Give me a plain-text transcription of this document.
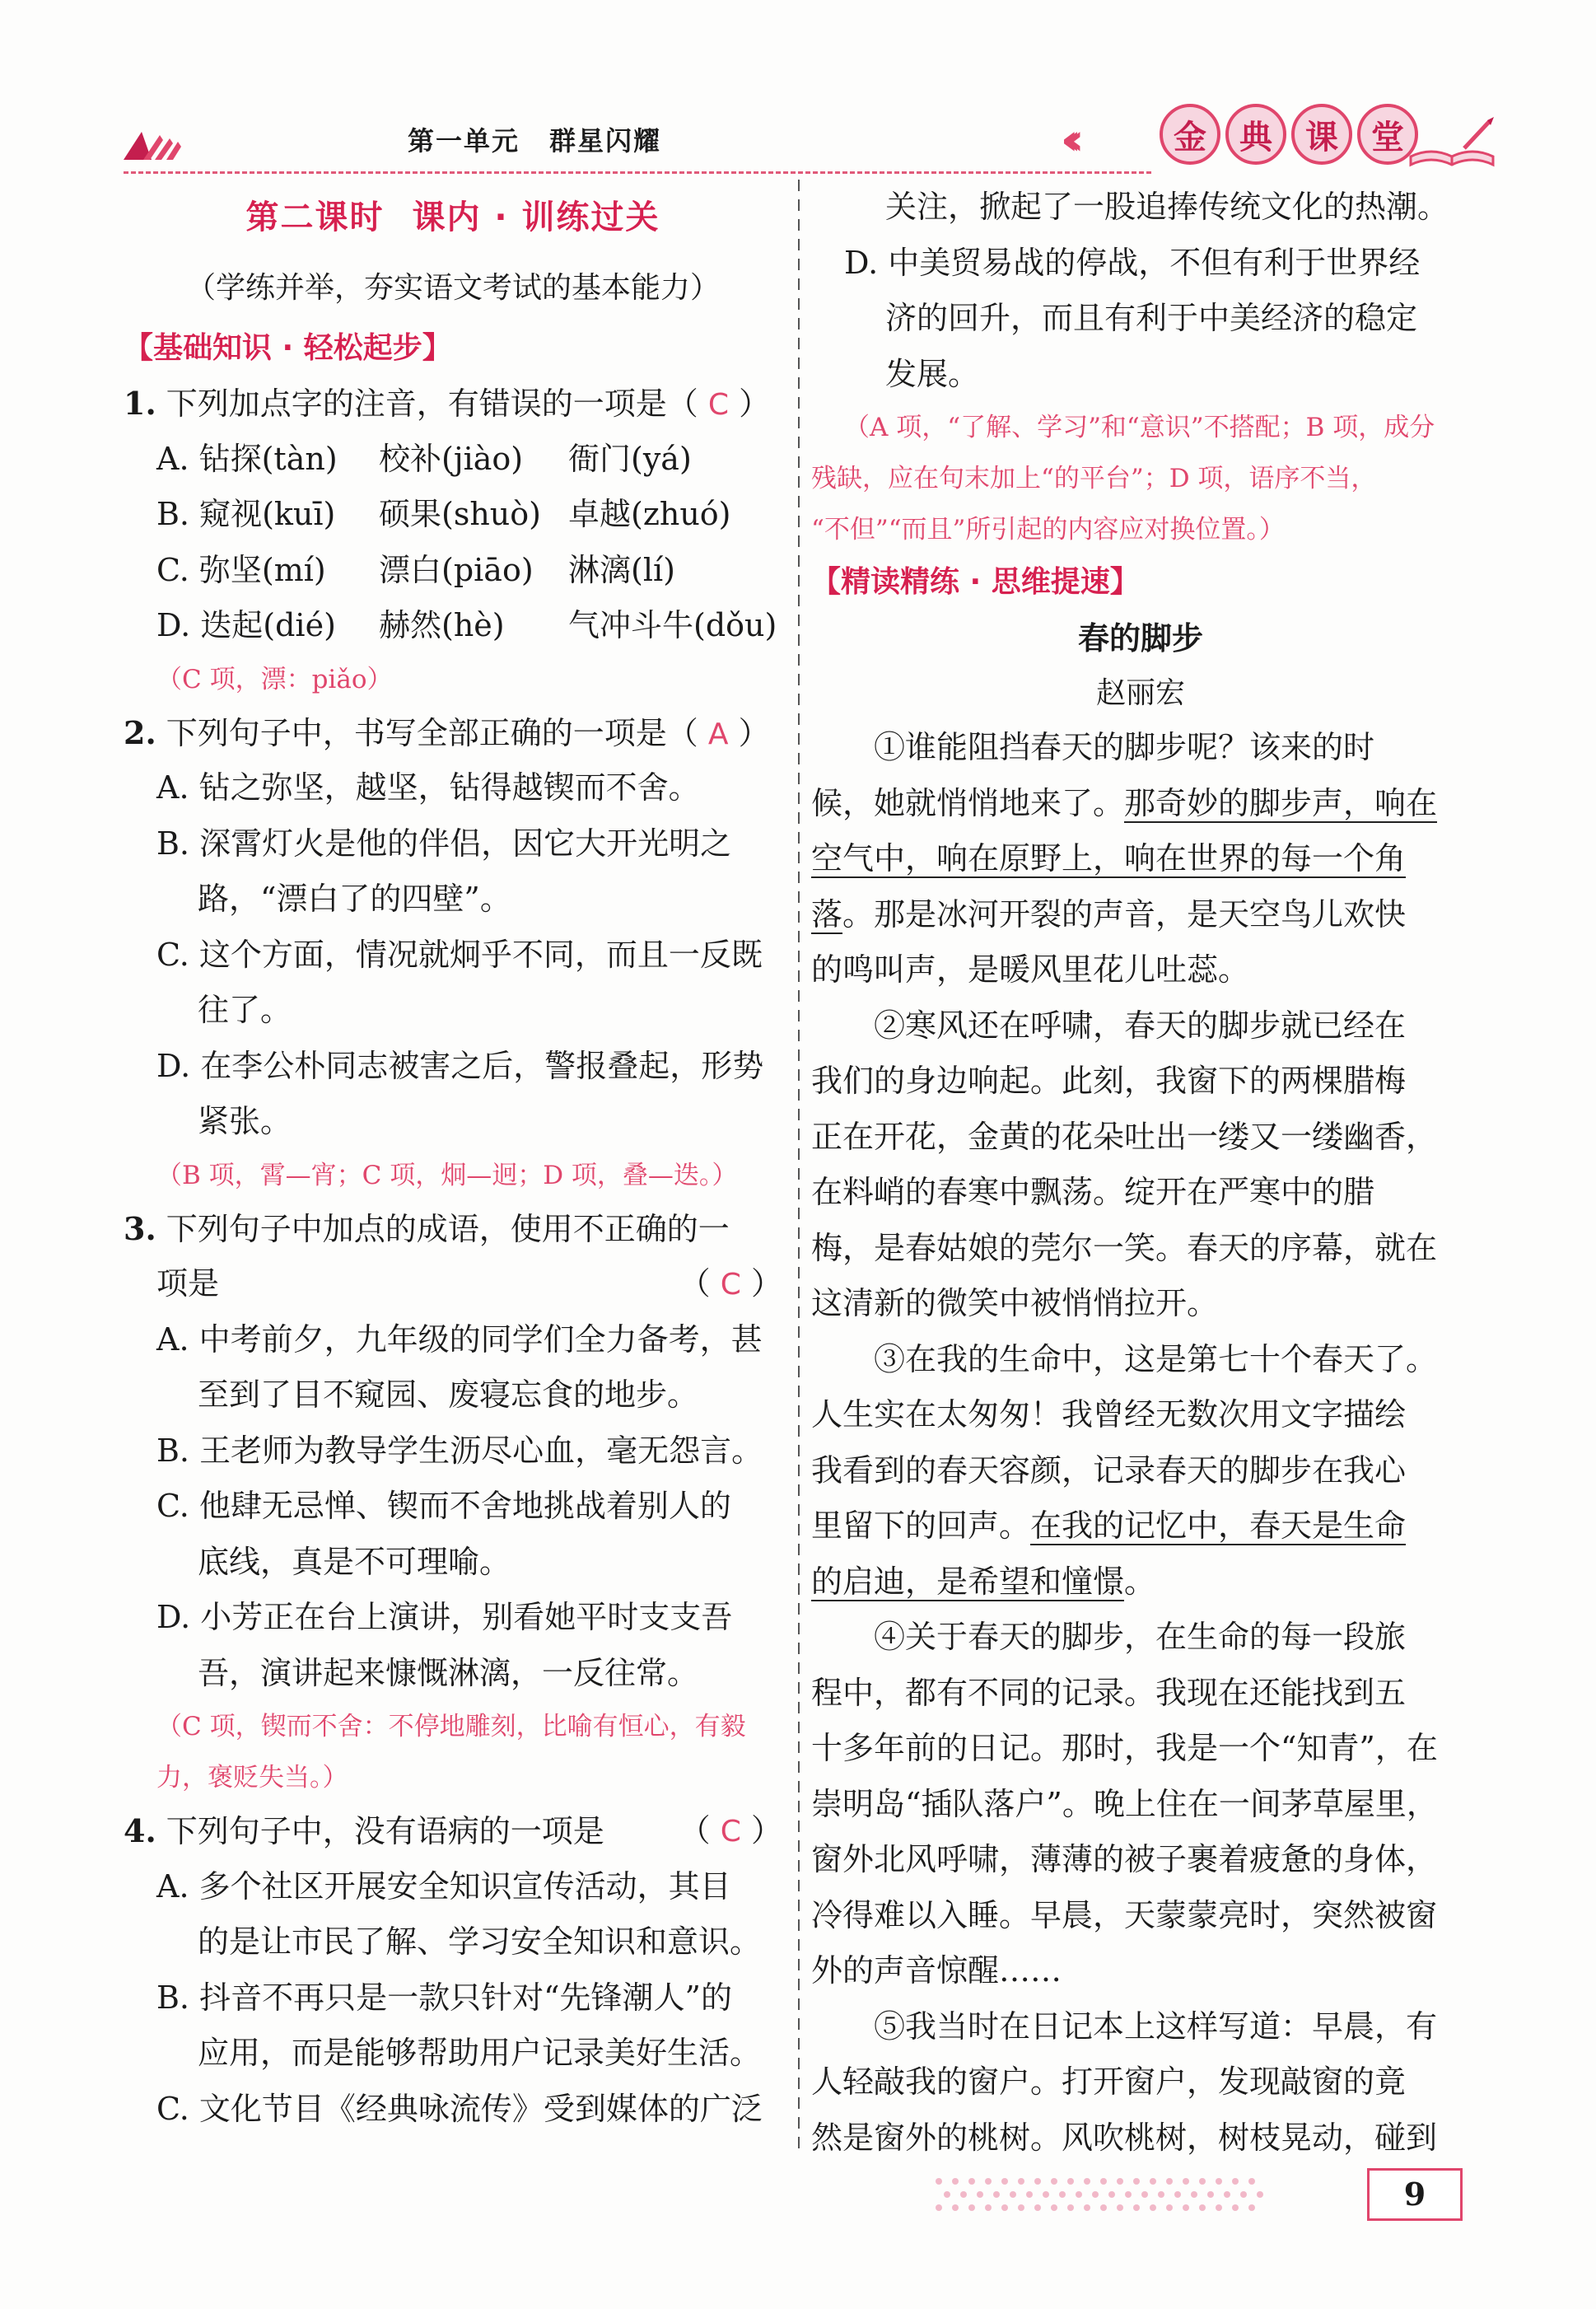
第一单元 群星闪耀	‹‹‹	金	典	课	堂
第二课时 课内 · 训练过关
（学练并举，夯实语文考试的基本能力）
【基础知识 · 轻松起步】
1. 下列加点字的注音，有错误的一项是（ C ）
A. 钻探(tàn)	校补(jiào)	衙门(yá)
B. 窥视(kuī)	硕果(shuò) 卓越(zhuó)
C. 弥坚(mí)	漂白(piāo)	淋漓(lí)
D. 迭起(dié)	赫然(hè)	气冲斗牛(dǒu)
（C 项，漂：piǎo）
2. 下列句子中，书写全部正确的一项是（ A ）
A. 钻之弥坚，越坚，钻得越锲而不舍。
B. 深霄灯火是他的伴侣，因它大开光明之
路，“漂白了的四壁”。
C. 这个方面，情况就炯乎不同，而且一反既
往了。
D. 在李公朴同志被害之后，警报叠起，形势
紧张。
（B 项，霄—宵；C 项，炯—迥；D 项，叠—迭。）
3. 下列句子中加点的成语，使用不正确的一
项是	（ C ）
A. 中考前夕，九年级的同学们全力备考，甚
至到了目不窥园、废寝忘食的地步。
B. 王老师为教导学生沥尽心血，毫无怨言。
C. 他肆无忌惮、锲而不舍地挑战着别人的
底线，真是不可理喻。
D. 小芳正在台上演讲，别看她平时支支吾
吾，演讲起来慷慨淋漓，一反往常。
（C 项，锲而不舍：不停地雕刻，比喻有恒心，有毅
力，褒贬失当。）
4. 下列句子中，没有语病的一项是 （ C ）
A. 多个社区开展安全知识宣传活动，其目
的是让市民了解、学习安全知识和意识。
B. 抖音不再只是一款只针对“先锋潮人”的
应用，而是能够帮助用户记录美好生活。
C. 文化节目《经典咏流传》受到媒体的广泛
关注，掀起了一股追捧传统文化的热潮。
D. 中美贸易战的停战，不但有利于世界经
济的回升，而且有利于中美经济的稳定
发展。
（A 项，“了解、学习”和“意识”不搭配；B 项，成分
残缺，应在句末加上“的平台”；D 项，语序不当，
“不但”“而且”所引起的内容应对换位置。）
【精读精练 · 思维提速】
春的脚步
赵丽宏
①谁能阻挡春天的脚步呢？该来的时
候，她就悄悄地来了。那奇妙的脚步声，响在
空气中，响在原野上，响在世界的每一个角
落。那是冰河开裂的声音，是天空鸟儿欢快
的鸣叫声，是暖风里花儿吐蕊。
②寒风还在呼啸，春天的脚步就已经在
我们的身边响起。此刻，我窗下的两棵腊梅
正在开花，金黄的花朵吐出一缕又一缕幽香，
在料峭的春寒中飘荡。绽开在严寒中的腊
梅，是春姑娘的莞尔一笑。春天的序幕，就在
这清新的微笑中被悄悄拉开。
③在我的生命中，这是第七十个春天了。
人生实在太匆匆！我曾经无数次用文字描绘
我看到的春天容颜，记录春天的脚步在我心
里留下的回声。在我的记忆中，春天是生命
的启迪，是希望和憧憬。
④关于春天的脚步，在生命的每一段旅
程中，都有不同的记录。我现在还能找到五
十多年前的日记。那时，我是一个“知青”，在
崇明岛“插队落户”。晚上住在一间茅草屋里，
窗外北风呼啸，薄薄的被子裹着疲惫的身体，
冷得难以入睡。早晨，天蒙蒙亮时，突然被窗
外的声音惊醒……
⑤我当时在日记本上这样写道：早晨，有
人轻敲我的窗户。打开窗户，发现敲窗的竟
然是窗外的桃树。风吹桃树，树枝晃动，碰到
9
